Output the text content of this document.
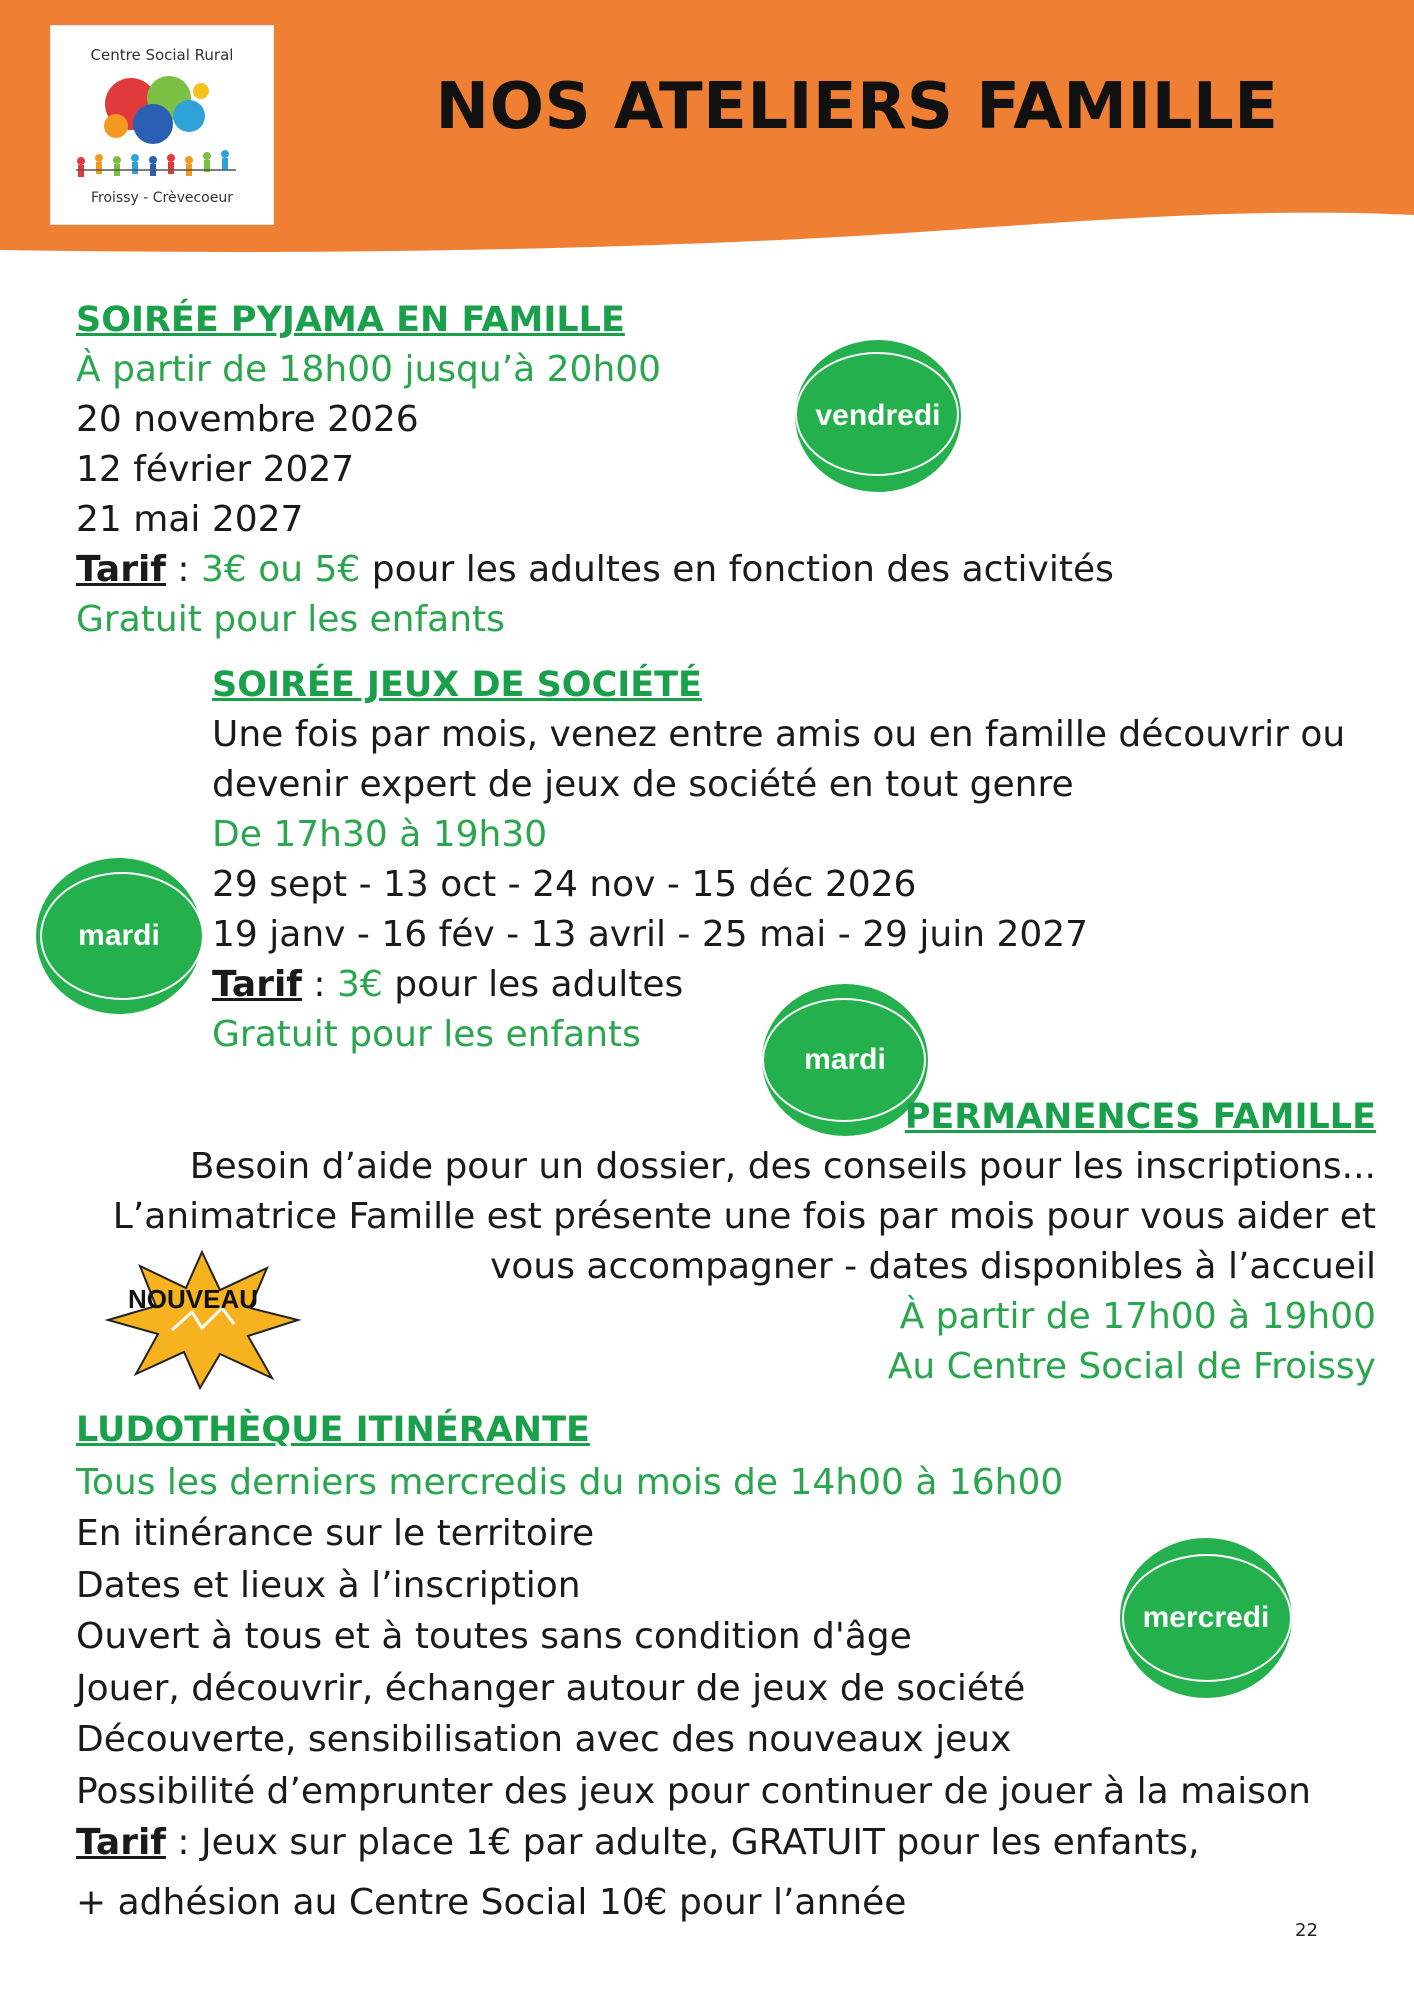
Centre Social Rural
Froissy - Crèvecoeur
NOS ATELIERS FAMILLE
SOIRÉE PYJAMA EN FAMILLE
À partir de 18h00 jusqu’à 20h00
20 novembre 2026
12 février 2027
21 mai 2027
Tarif : 3€ ou 5€ pour les adultes en fonction des activités
Gratuit pour les enfants
vendredi
SOIRÉE JEUX DE SOCIÉTÉ
Une fois par mois, venez entre amis ou en famille découvrir ou
devenir expert de jeux de société en tout genre
De 17h30 à 19h30
29 sept - 13 oct - 24 nov - 15 déc 2026
19 janv - 16 fév - 13 avril - 25 mai - 29 juin 2027
Tarif : 3€ pour les adultes
Gratuit pour les enfants
mardi
mardi
PERMANENCES FAMILLE
Besoin d’aide pour un dossier, des conseils pour les inscriptions...
L’animatrice Famille est présente une fois par mois pour vous aider et
vous accompagner - dates disponibles à l’accueil
À partir de 17h00 à 19h00
Au Centre Social de Froissy
NOUVEAU
LUDOTHÈQUE ITINÉRANTE
Tous les derniers mercredis du mois de 14h00 à 16h00
En itinérance sur le territoire
Dates et lieux à l’inscription
Ouvert à tous et à toutes sans condition d'âge
Jouer, découvrir, échanger autour de jeux de société
Découverte, sensibilisation avec des nouveaux jeux
Possibilité d’emprunter des jeux pour continuer de jouer à la maison
Tarif : Jeux sur place 1€ par adulte, GRATUIT pour les enfants,
+ adhésion au Centre Social 10€ pour l’année
mercredi
22
